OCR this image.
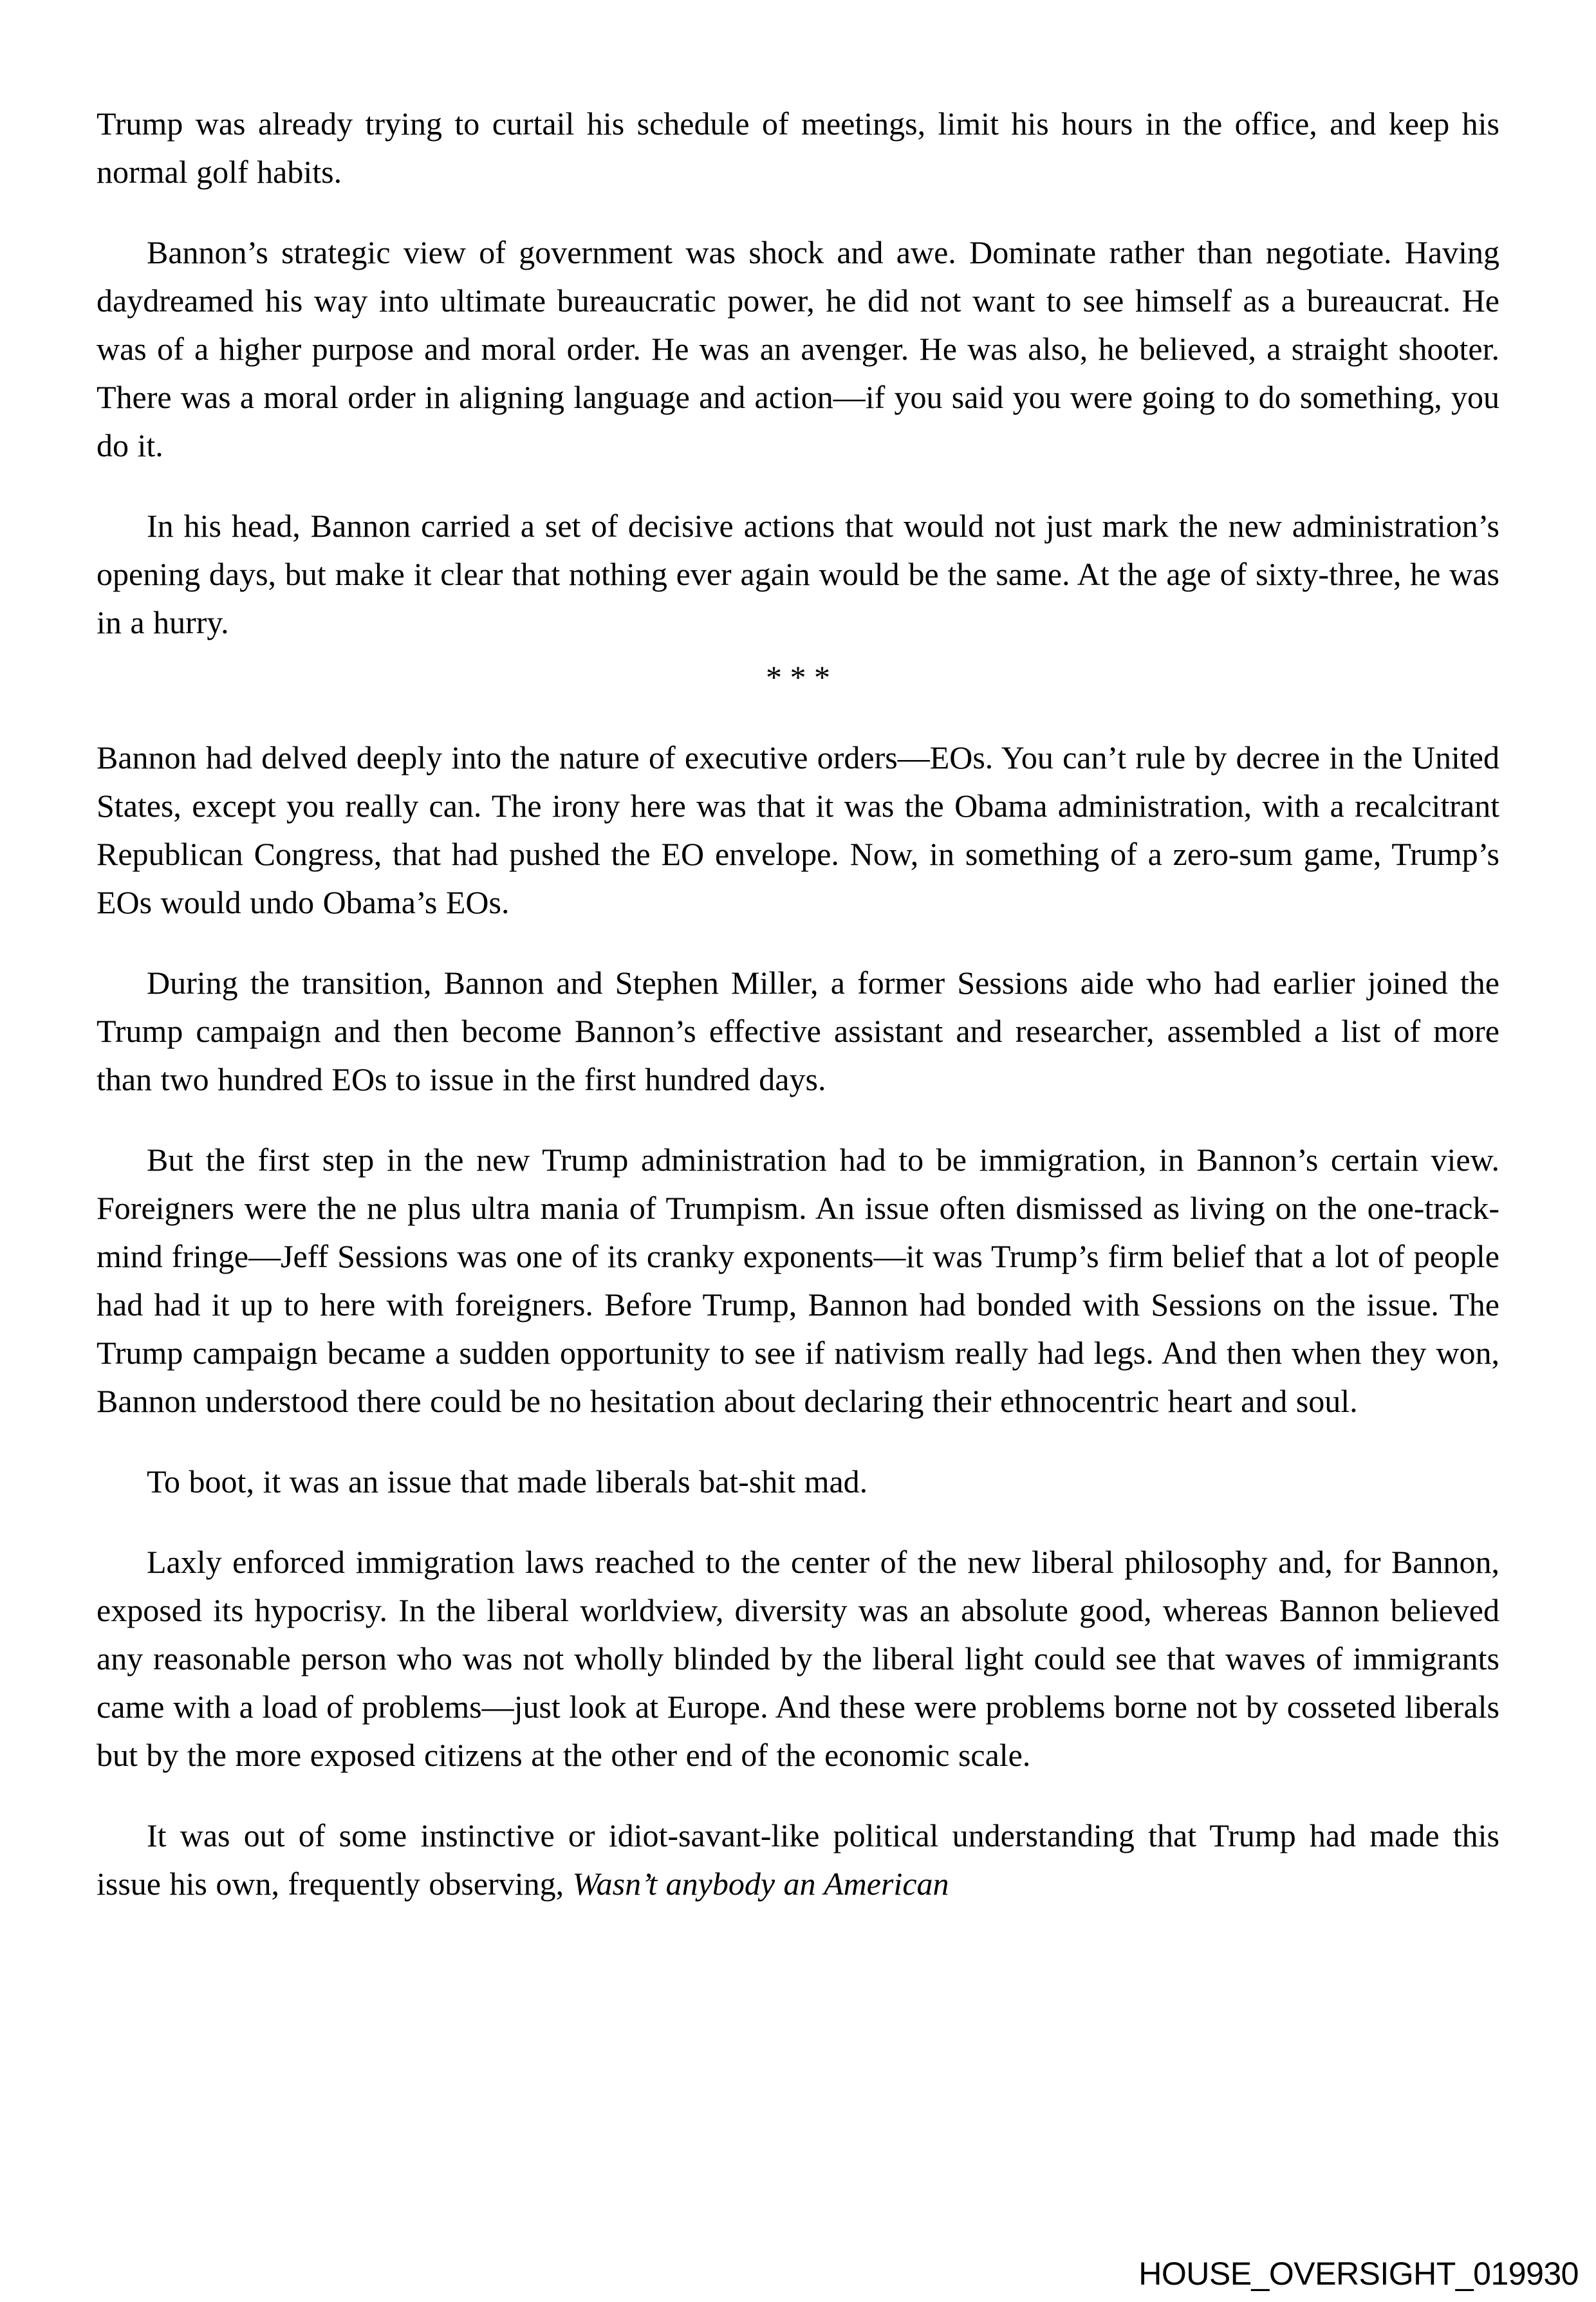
Trump was already trying to curtail his schedule of meetings, limit his hours in the office, and keep his normal golf habits.

Bannon’s strategic view of government was shock and awe. Dominate rather than negotiate. Having daydreamed his way into ultimate bureaucratic power, he did not want to see himself as a bureaucrat. He was of a higher purpose and moral order. He was an avenger. He was also, he believed, a straight shooter. There was a moral order in aligning language and action—if you said you were going to do something, you do it.

In his head, Bannon carried a set of decisive actions that would not just mark the new administration’s opening days, but make it clear that nothing ever again would be the same. At the age of sixty-three, he was in a hurry.

* * *

Bannon had delved deeply into the nature of executive orders—EOs. You can’t rule by decree in the United States, except you really can. The irony here was that it was the Obama administration, with a recalcitrant Republican Congress, that had pushed the EO envelope. Now, in something of a zero-sum game, Trump’s EOs would undo Obama’s EOs.

During the transition, Bannon and Stephen Miller, a former Sessions aide who had earlier joined the Trump campaign and then become Bannon’s effective assistant and researcher, assembled a list of more than two hundred EOs to issue in the first hundred days.

But the first step in the new Trump administration had to be immigration, in Bannon’s certain view. Foreigners were the ne plus ultra mania of Trumpism. An issue often dismissed as living on the one-track-mind fringe—Jeff Sessions was one of its cranky exponents—it was Trump’s firm belief that a lot of people had had it up to here with foreigners. Before Trump, Bannon had bonded with Sessions on the issue. The Trump campaign became a sudden opportunity to see if nativism really had legs. And then when they won, Bannon understood there could be no hesitation about declaring their ethnocentric heart and soul.

To boot, it was an issue that made liberals bat-shit mad.

Laxly enforced immigration laws reached to the center of the new liberal philosophy and, for Bannon, exposed its hypocrisy. In the liberal worldview, diversity was an absolute good, whereas Bannon believed any reasonable person who was not wholly blinded by the liberal light could see that waves of immigrants came with a load of problems—just look at Europe. And these were problems borne not by cosseted liberals but by the more exposed citizens at the other end of the economic scale.

It was out of some instinctive or idiot-savant-like political understanding that Trump had made this issue his own, frequently observing, Wasn’t anybody an American

HOUSE_OVERSIGHT_019930
